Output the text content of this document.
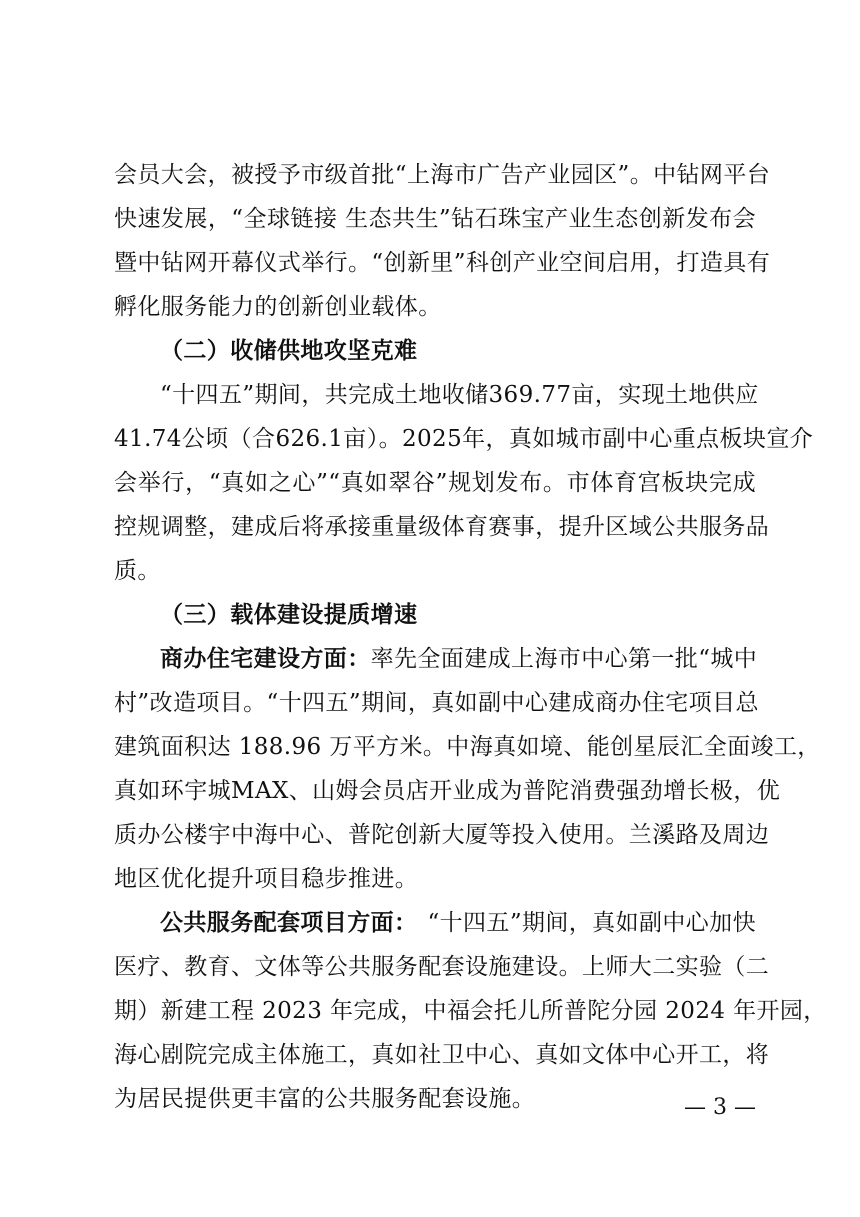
会员大会，被授予市级首批“上海市广告产业园区”。中钻网平台
快速发展，“全球链接 生态共生”钻石珠宝产业生态创新发布会
暨中钻网开幕仪式举行。“创新里”科创产业空间启用，打造具有
孵化服务能力的创新创业载体。
（二）收储供地攻坚克难
“十四五”期间，共完成土地收储369.77亩，实现土地供应
41.74公顷（合626.1亩）。2025年，真如城市副中心重点板块宣介
会举行，“真如之心”“真如翠谷”规划发布。市体育宫板块完成
控规调整，建成后将承接重量级体育赛事，提升区域公共服务品
质。
（三）载体建设提质增速
商办住宅建设方面： 率先全面建成上海市中心第一批“城中
村”改造项目。“十四五”期间，真如副中心建成商办住宅项目总
建筑面积达 188.96 万平方米。中海真如境、能创星辰汇全面竣工，
真如环宇城MAX、山姆会员店开业成为普陀消费强劲增长极，优
质办公楼宇中海中心、普陀创新大厦等投入使用。兰溪路及周边
地区优化提升项目稳步推进。
公共服务配套项目方面： “十四五”期间，真如副中心加快
医疗、教育、文体等公共服务配套设施建设。上师大二实验（二
期）新建工程 2023 年完成，中福会托儿所普陀分园 2024 年开园，
海心剧院完成主体施工，真如社卫中心、真如文体中心开工，将
为居民提供更丰富的公共服务配套设施。	— 3 —
